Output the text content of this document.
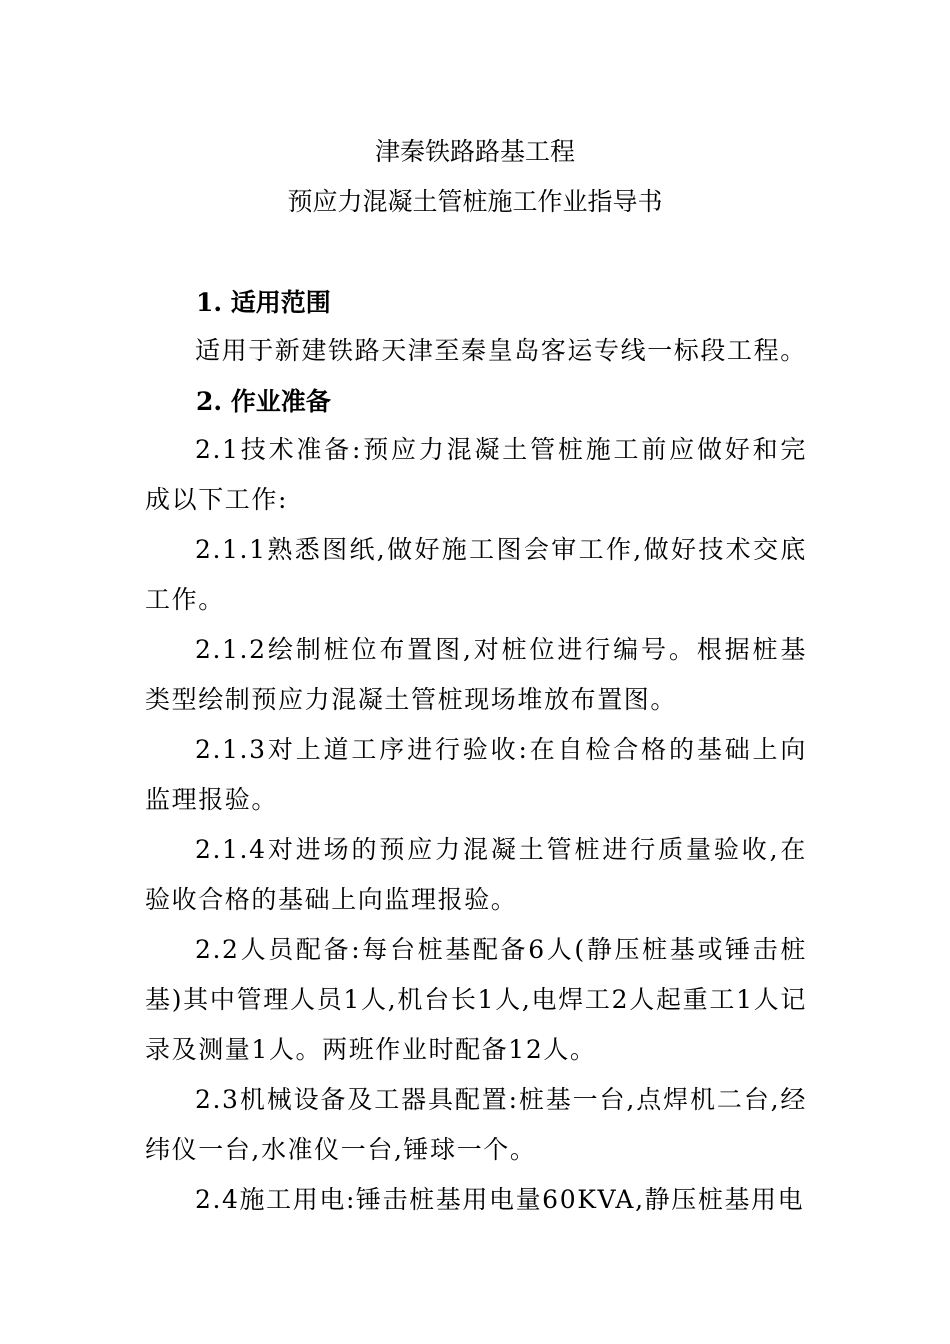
津秦铁路路基工程
预应力混凝土管桩施工作业指导书
1. 适用范围

适用于新建铁路天津至秦皇岛客运专线一标段工程。

2. 作业准备

2.1技术准备:预应力混凝土管桩施工前应做好和完成以下工作:

2.1.1熟悉图纸,做好施工图会审工作,做好技术交底工作。

2.1.2绘制桩位布置图,对桩位进行编号。根据桩基类型绘制预应力混凝土管桩现场堆放布置图。

2.1.3对上道工序进行验收:在自检合格的基础上向监理报验。

2.1.4对进场的预应力混凝土管桩进行质量验收,在验收合格的基础上向监理报验。

2.2人员配备:每台桩基配备6人(静压桩基或锤击桩基)其中管理人员1人,机台长1人,电焊工2人起重工1人记录及测量1人。两班作业时配备12人。

2.3机械设备及工器具配置:桩基一台,点焊机二台,经纬仪一台,水准仪一台,锤球一个。

2.4施工用电:锤击桩基用电量60KVA,静压桩基用电
